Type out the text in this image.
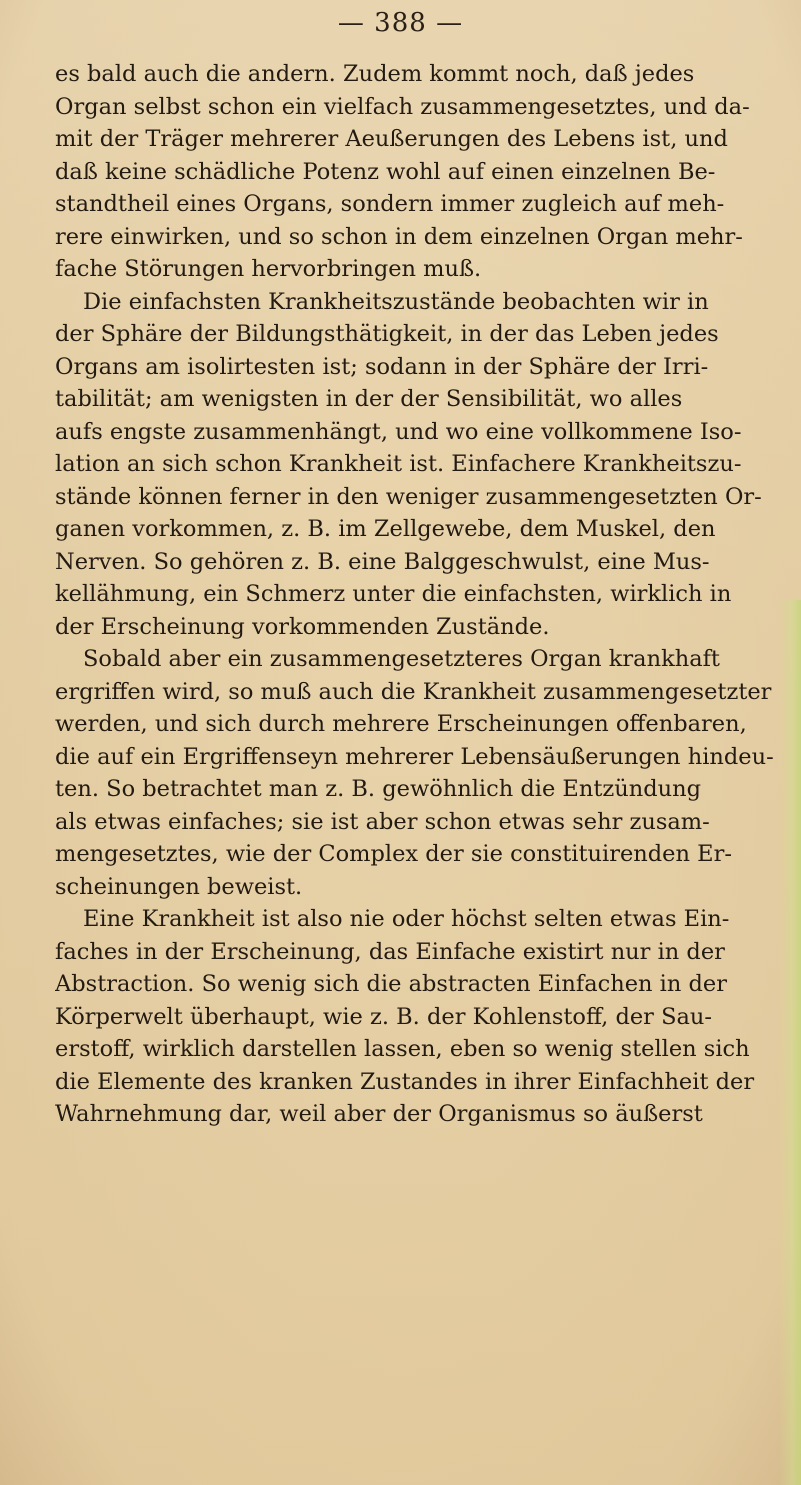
— 388 —

es bald auch die andern. Zudem kommt noch, daß jedes
Organ selbst schon ein vielfach zusammengesetztes, und da-
mit der Träger mehrerer Aeußerungen des Lebens ist, und
daß keine schädliche Potenz wohl auf einen einzelnen Be-
standtheil eines Organs, sondern immer zugleich auf meh-
rere einwirken, und so schon in dem einzelnen Organ mehr-
fache Störungen hervorbringen muß.

Die einfachsten Krankheitszustände beobachten wir in
der Sphäre der Bildungsthätigkeit, in der das Leben jedes
Organs am isolirtesten ist; sodann in der Sphäre der Irri-
tabilität; am wenigsten in der der Sensibilität, wo alles
aufs engste zusammenhängt, und wo eine vollkommene Iso-
lation an sich schon Krankheit ist. Einfachere Krankheitszu-
stände können ferner in den weniger zusammengesetzten Or-
ganen vorkommen, z. B. im Zellgewebe, dem Muskel, den
Nerven. So gehören z. B. eine Balggeschwulst, eine Mus-
kellähmung, ein Schmerz unter die einfachsten, wirklich in
der Erscheinung vorkommenden Zustände.

Sobald aber ein zusammengesetzteres Organ krankhaft
ergriffen wird, so muß auch die Krankheit zusammengesetzter
werden, und sich durch mehrere Erscheinungen offenbaren,
die auf ein Ergriffenseyn mehrerer Lebensäußerungen hindeu-
ten. So betrachtet man z. B. gewöhnlich die Entzündung
als etwas einfaches; sie ist aber schon etwas sehr zusam-
mengesetztes, wie der Complex der sie constituirenden Er-
scheinungen beweist.

Eine Krankheit ist also nie oder höchst selten etwas Ein-
faches in der Erscheinung, das Einfache existirt nur in der
Abstraction. So wenig sich die abstracten Einfachen in der
Körperwelt überhaupt, wie z. B. der Kohlenstoff, der Sau-
erstoff, wirklich darstellen lassen, eben so wenig stellen sich
die Elemente des kranken Zustandes in ihrer Einfachheit der
Wahrnehmung dar, weil aber der Organismus so äußerst
